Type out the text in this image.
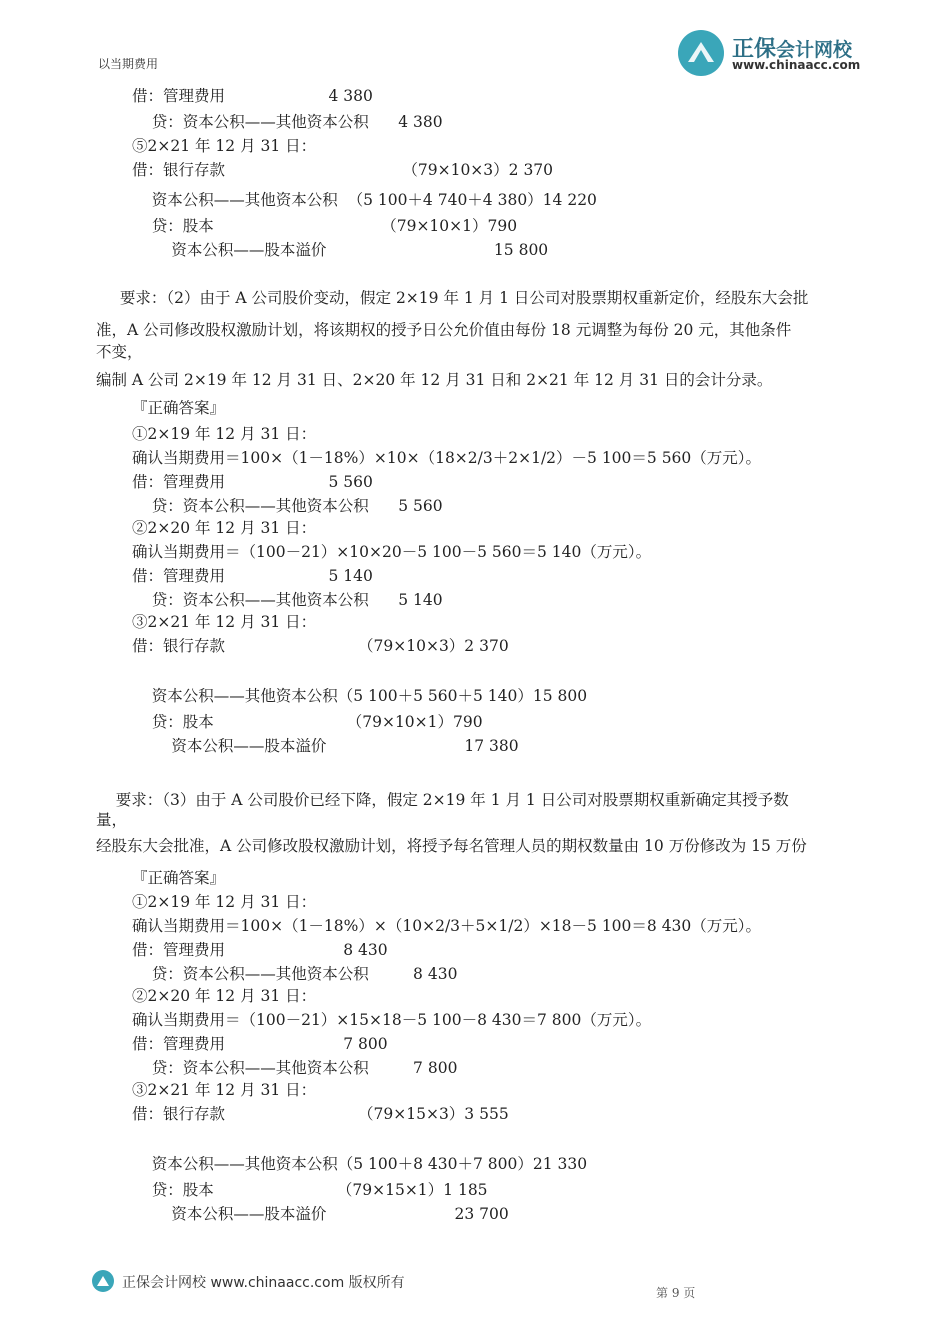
以当期费用
正保会计网校
www.chinaacc.com
借：管理费用                     4 380
贷：资本公积——其他资本公积      4 380
⑤2×21 年 12 月 31 日：
借：银行存款                                    （79×10×3）2 370
资本公积——其他资本公积  （5 100＋4 740＋4 380）14 220
贷：股本                                  （79×10×1）790
资本公积——股本溢价                                  15 800
要求：（2）由于 A 公司股价变动，假定 2×19 年 1 月 1 日公司对股票期权重新定价，经股东大会批
准，A 公司修改股权激励计划，将该期权的授予日公允价值由每份 18 元调整为每份 20 元，其他条件
不变，
编制 A 公司 2×19 年 12 月 31 日、2×20 年 12 月 31 日和 2×21 年 12 月 31 日的会计分录。
『正确答案』
①2×19 年 12 月 31 日：
确认当期费用＝100×（1－18%）×10×（18×2/3＋2×1/2）－5 100＝5 560（万元）。
借：管理费用                     5 560
贷：资本公积——其他资本公积      5 560
②2×20 年 12 月 31 日：
确认当期费用＝（100－21）×10×20－5 100－5 560＝5 140（万元）。
借：管理费用                     5 140
贷：资本公积——其他资本公积      5 140
③2×21 年 12 月 31 日：
借：银行存款                           （79×10×3）2 370
资本公积——其他资本公积（5 100＋5 560＋5 140）15 800
贷：股本                           （79×10×1）790
资本公积——股本溢价                            17 380
要求：（3）由于 A 公司股价已经下降，假定 2×19 年 1 月 1 日公司对股票期权重新确定其授予数
量，
经股东大会批准，A 公司修改股权激励计划，将授予每名管理人员的期权数量由 10 万份修改为 15 万份
『正确答案』
①2×19 年 12 月 31 日：
确认当期费用＝100×（1－18%）×（10×2/3＋5×1/2）×18－5 100＝8 430（万元）。
借：管理费用                        8 430
贷：资本公积——其他资本公积         8 430
②2×20 年 12 月 31 日：
确认当期费用＝（100－21）×15×18－5 100－8 430＝7 800（万元）。
借：管理费用                        7 800
贷：资本公积——其他资本公积         7 800
③2×21 年 12 月 31 日：
借：银行存款                           （79×15×3）3 555
资本公积——其他资本公积（5 100＋8 430＋7 800）21 330
贷：股本                         （79×15×1）1 185
资本公积——股本溢价                          23 700
正保会计网校 www.chinaacc.com 版权所有
第 9 页
